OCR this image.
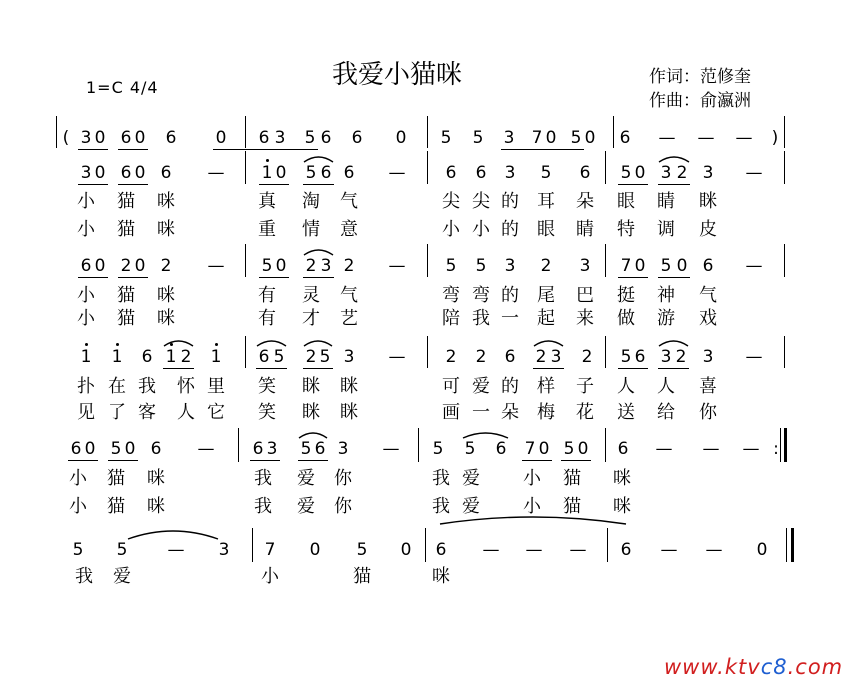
我爱小猫咪
1=C 4/4
作词：范修奎
作曲：俞瀛洲
( 3 0 6 0 6 0 6 3 5 6 6 0 5 5 3 7 0 5 0 6 — — —	)
3 0 6 0 6 — 1 0 5 6 6 — 6 6 3 5 6 5 0 3 2 3 —
小 猫 咪	真 淘 气	尖 尖 的 耳 朵 眼 睛 眯
小 猫 咪	重 情 意	小 小 的 眼 睛 特 调 皮
6 0 2 0 2 — 5 0 2 3 2 — 5 5 3 2 3 7 0 5 0 6 —
小 猫 咪	有 灵 气	弯 弯 的 尾 巴 挺 神 气
小 猫 咪	有 才 艺	陪 我 一 起 来 做 游 戏
1 1 6 1 2 1 6 5 2 5 3 — 2 2 6 2 3 2 5 6 3 2 3 —
扑 在 我 怀 里 笑 眯 眯	可 爱 的 样 子 人 人 喜
见 了 客 人 它 笑 眯 眯	画 一 朵 梅 花 送 给 你
6 0 5 0 6 — 6 3 5 6 3 — 5 5 6 7 0 5 0 6 — — — :
小 猫 咪	我 爱 你	我 爱 小 猫 咪
小 猫 咪	我 爱 你	我 爱 小 猫 咪
5 5 — 3 7 0 5 0 6 — — — 6 — — 0
我 爱	小	猫	咪
www.ktvc8.com
